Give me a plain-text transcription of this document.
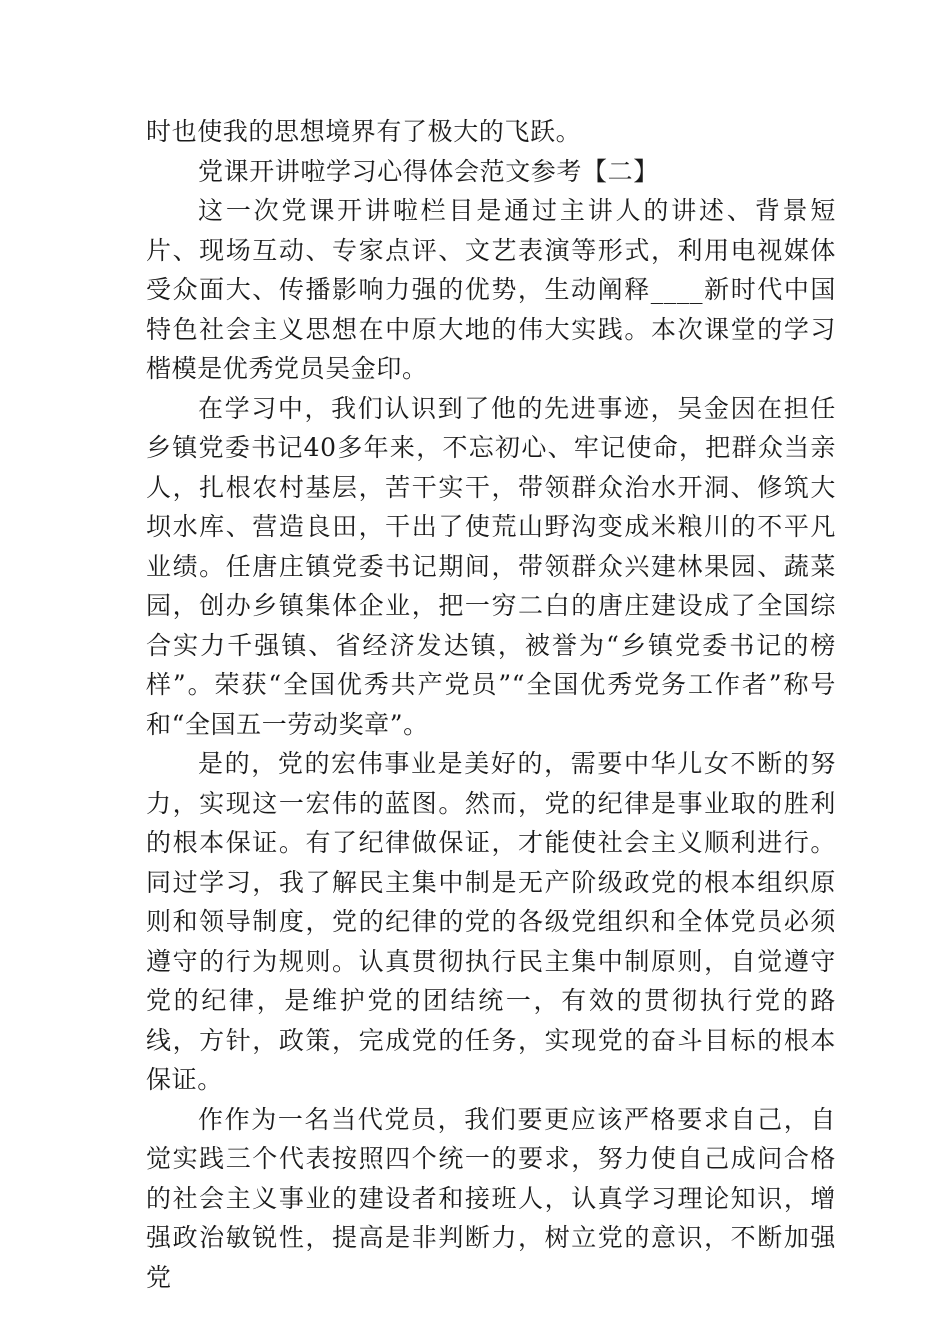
时也使我的思想境界有了极大的飞跃。

党课开讲啦学习心得体会范文参考【二】

这一次党课开讲啦栏目是通过主讲人的讲述、背景短片、现场互动、专家点评、文艺表演等形式，利用电视媒体受众面大、传播影响力强的优势，生动阐释____新时代中国特色社会主义思想在中原大地的伟大实践。本次课堂的学习楷模是优秀党员吴金印。

在学习中，我们认识到了他的先进事迹，吴金因在担任乡镇党委书记40多年来，不忘初心、牢记使命，把群众当亲人，扎根农村基层，苦干实干，带领群众治水开洞、修筑大坝水库、营造良田，干出了使荒山野沟变成米粮川的不平凡业绩。任唐庄镇党委书记期间，带领群众兴建林果园、蔬菜园，创办乡镇集体企业，把一穷二白的唐庄建设成了全国综合实力千强镇、省经济发达镇，被誉为“乡镇党委书记的榜样”。荣获“全国优秀共产党员”“全国优秀党务工作者”称号和“全国五一劳动奖章”。

是的，党的宏伟事业是美好的，需要中华儿女不断的努力，实现这一宏伟的蓝图。然而，党的纪律是事业取的胜利的根本保证。有了纪律做保证，才能使社会主义顺利进行。同过学习，我了解民主集中制是无产阶级政党的根本组织原则和领导制度，党的纪律的党的各级党组织和全体党员必须遵守的行为规则。认真贯彻执行民主集中制原则，自觉遵守党的纪律，是维护党的团结统一，有效的贯彻执行党的路线，方针，政策，完成党的任务，实现党的奋斗目标的根本保证。

作作为一名当代党员，我们要更应该严格要求自己，自觉实践三个代表按照四个统一的要求，努力使自己成问合格的社会主义事业的建设者和接班人，认真学习理论知识，增强政治敏锐性，提高是非判断力，树立党的意识，不断加强党
